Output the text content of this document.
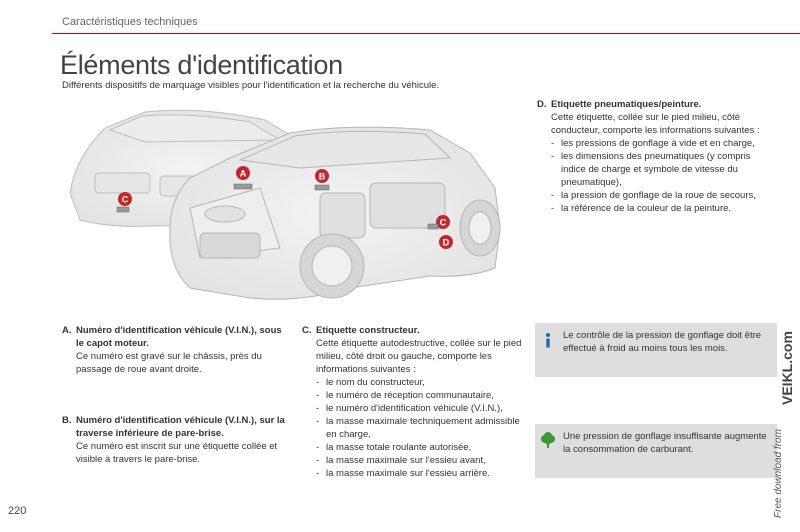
Caractéristiques techniques
Éléments d'identification
Différents dispositifs de marquage visibles pour l'identification et la recherche du véhicule.
A	B
C
C
D
D. Etiquette pneumatiques/peinture.
Cette étiquette, collée sur le pied milieu, côté conducteur, comporte les informations suivantes :
- les pressions de gonflage à vide et en charge,
- les dimensions des pneumatiques (y compris indice de charge et symbole de vitesse du pneumatique),
- la pression de gonflage de la roue de secours,
- la référence de la couleur de la peinture.
A. Numéro d'identification véhicule (V.I.N.), sous le capot moteur.
Ce numéro est gravé sur le châssis, près du passage de roue avant droite.
B. Numéro d'identification véhicule (V.I.N.), sur la traverse inférieure de pare-brise.
Ce numéro est inscrit sur une étiquette collée et visible à travers le pare-brise.
C. Etiquette constructeur.
Cette étiquette autodestructive, collée sur le pied milieu, côté droit ou gauche, comporte les informations suivantes :
- le nom du constructeur,
- le numéro de réception communautaire,
- le numéro d'identification véhicule (V.I.N.),
- la masse maximale techniquement admissible en charge,
- la masse totale roulante autorisée,
- la masse maximale sur l'essieu avant,
- la masse maximale sur l'essieu arrière.
Le contrôle de la pression de gonflage doit être effectué à froid au moins tous les mois.
Une pression de gonflage insuffisante augmente la consommation de carburant.
220	Free download from
VEIKL.com
